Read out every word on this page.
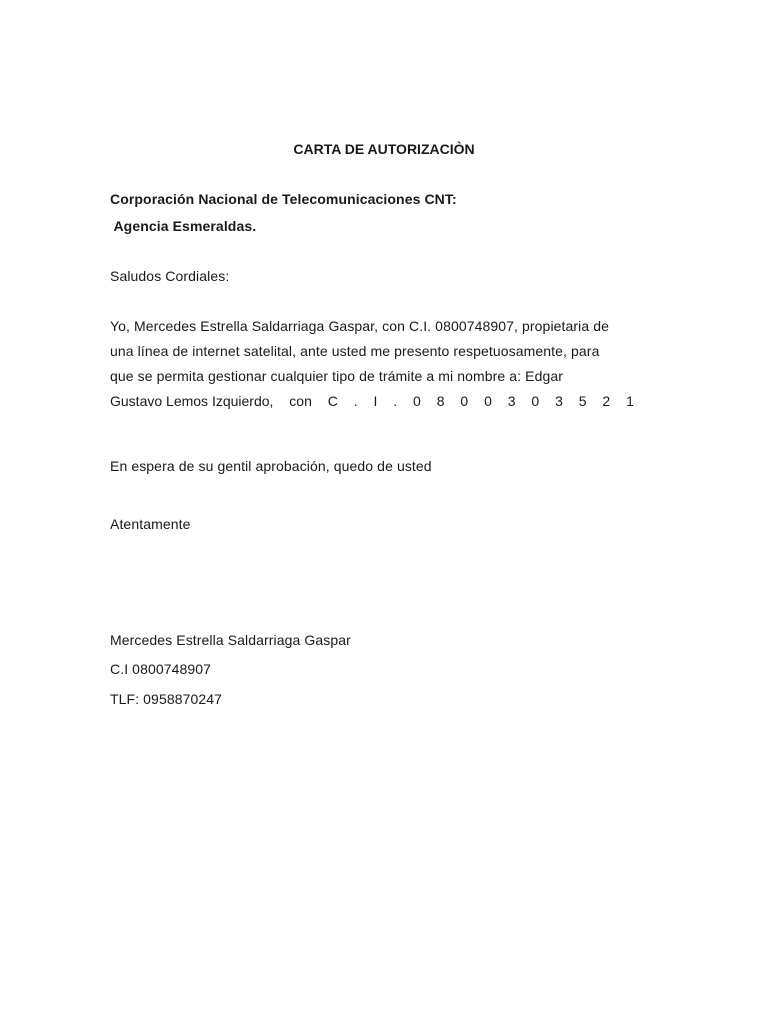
CARTA DE AUTORIZACIÒN
Corporación Nacional de Telecomunicaciones CNT:
Agencia Esmeraldas.
Saludos Cordiales:
Yo, Mercedes Estrella Saldarriaga Gaspar, con C.I. 0800748907, propietaria de
una línea de internet satelital, ante usted me presento respetuosamente, para
que se permita gestionar cualquier tipo de trámite a mi nombre a: Edgar
Gustavo Lemos Izquierdo, con C . I . 0 8 0 0 3 0 3 5 2 1
En espera de su gentil aprobación, quedo de usted
Atentamente
Mercedes Estrella Saldarriaga Gaspar
C.I 0800748907
TLF: 0958870247
